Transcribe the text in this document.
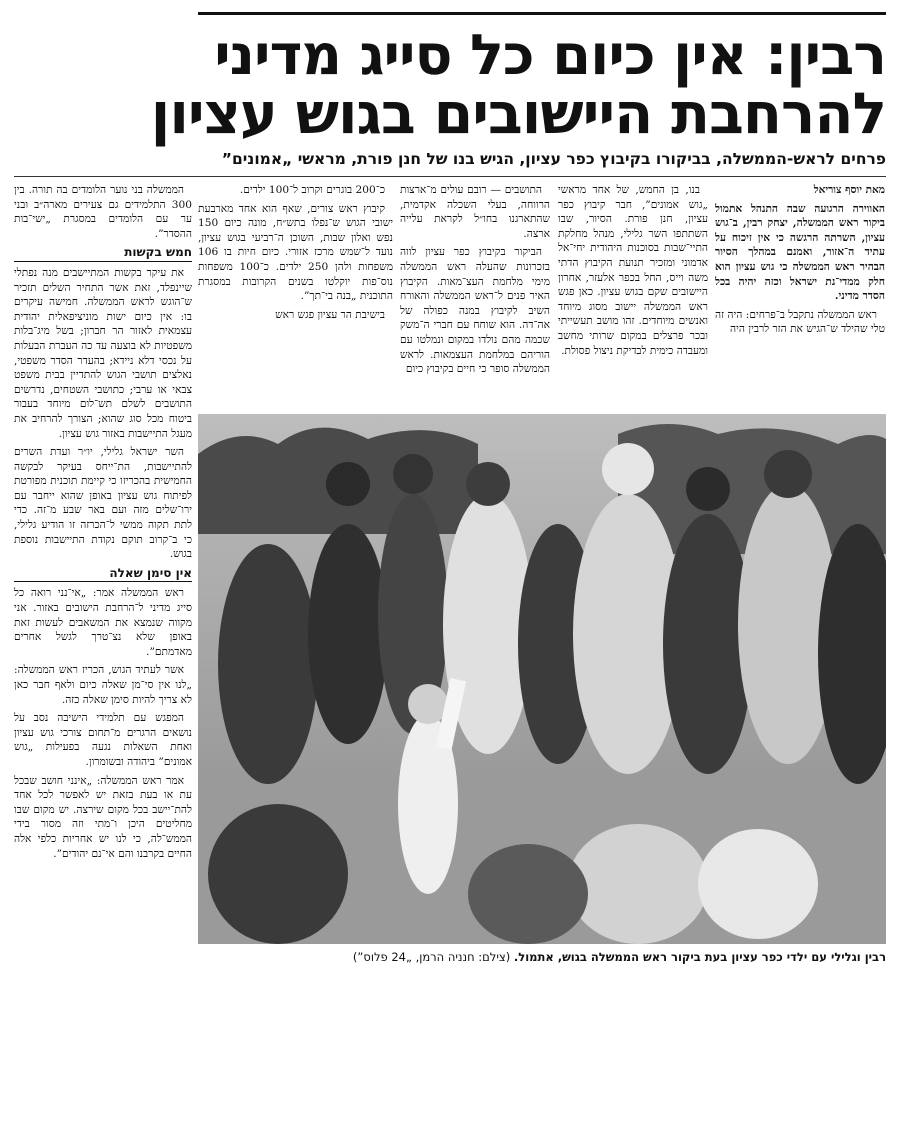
רבין: אין כיום כל סייג מדיני
להרחבת היישובים בגוש עציון
פרחים לראש-הממשלה, בביקורו בקיבוץ כפר עציון, הגיש בנו של חנן פורת, מראשי „אמונים”
מאת יוסף צוריאל

האווירה הרגועה שבה התנהל אתמול ביקור ראש הממשלה, יצחק רבין, ב־גוש עציון, השרתה הרגשה כי אין זיכוח על עתיד ה־אזור, ואמנם במהלך הסיור הבהיר ראש הממשלה כי גוש עציון הוא חלק ממדי־נת ישראל וכזה יהיה בכל הסדר מדיני.

ראש הממשלה נתקבל ב־פרחים: היה זה טלי שהילד ש־הגיש את הזר לרבין היה

בנו, בן החמש, של אחד מראשי „גוש אמונים”, חבר קיבוץ כפר עציון, חנן פורת. הסיור, שבו השתתפו השר גלילי, מנהל מחלקת התיי־שבות בסוכנות היהודית יחי־אל אדמוני ומזכיר תנועת הקיבוץ הדתי משה וייס, החל בכפר אלעזר, אחרון היישובים שקם בגוש עציון. כאן פגש ראש הממשלה יישוב מסוג מיוחד ואנשים מיוחדים. זהו מושב תעשייתי ובכר פרצלים במקום שרותי מחשב ומעבדה כימית לבדיקת ניצול פסולת.

התושבים — רובם עולים מ־ארצות הרווחה, בעלי השכלה אקדמית, שהתארגנו בחו״ל לקראת עלייה ארצה.

הביקור בקיבוץ כפר עציון לווה בזכרונות שהעלה ראש הממשלה מימי מלחמת העצ־מאות. הקיבוץ האיר פנים ל־ראש הממשלה והאורח השיב לקיבוץ במנה כפולה של אה־דה. הוא שוחח עם חברי ה־משק שכמה מהם נולדו במקום ונמלטו עם הוריהם במלחמת העצמאות. לראש הממשלה סופר כי חיים בקיבוץ כיום

כ־200 בוגרים וקרוב ל־100 ילדים.

קיבוץ ראש צורים, שאף הוא אחד מארבעת ישובי הגוש ש־נפלו בתש״ח, מונה כיום 150 נפש ואלון שבות, השוכן ה־רביעי בגוש עציון, נועד ל־שמש מרכז אזורי. כיום חיות בו 106 משפחות ולהן 250 ילדים. כ־100 משפחות נוס־פות יוקלטו בשנים הקרובות במסגרת התוכנית „בנה בי־תך”.

בישיבת הר עציון פגש ראש

הממשלה בני נוער הלומדים בה תורה. בין 300 התלמידים גם צעירים מארה״ב ובני ער עם הלומדים במסגרת „ישי־בות ההסדר”.

חמש בקשות

את עיקר בקשות המתיישבים מנה נפתלי שיינפלד, זאת אשר התחיר השלים תזכיר ש־הוגש לראש הממשלה. חמישה עיקרים בו: אין כיום ישות מוניציפאלית יהודית עצמאית לאזור הר חברון; בשל מיג־בלות משפטיות לא בוצעה עד כה העברת הבעלות על נכסי דלא ניידא; בהעדר הסדר משפטי, נאלצים תושבי הגוש להתדיין בבית משפט צבאי או ערבי; כתושבי השטחים, נדרשים התושבים לשלם תש־לום מיוחד בעבור ביטוח מכל סוג שהוא; הצורך להרחיב את מעגל התיישבות באזור גוש עציון.

השר ישראל גלילי, יו״ר ועדת השרים להתיישבות, הת־ייחס בעיקר לבקשה החמישית בהכריזו כי קיימת תוכנית מפורטת לפיתוח גוש עציון באופן שהוא ייחבר עם ירו־שלים מזה ועם באר שבע מ־זה. כדי לתת תקוה ממשי ל־הכרזה זו הודיע גלילי, כי ב־קרוב תוקם נקודת התיישבות נוספת בגוש.

אין סימן שאלה

ראש הממשלה אמר: „אי־נני רואה כל סייג מדיני ל־הרחבת הישובים באזור. אני מקווה שנמצא את המשאבים לעשות זאת באופן שלא נצ־טרך לגשל אחרים מאדמתם”.

אשר לעתיד הגוש, הכריז ראש הממשלה: „לנו אין סי־מן שאלה כיום ולאף חבר כאן לא צריך להיות סימן שאלה כזה.

המפגש עם תלמידי הישיבה נסב על נושאים הרגרים מ־תחום צורכי גוש עציון ואחת השאלות נגעה בפעילות „גוש אמונים” ביהודה ובשומרון.

אמר ראש הממשלה: „אינני חושב שבכל עת או בעת בזאת יש לאפשר לכל אחד להת־יישב בכל מקום שירצה. יש מקום שבו מחליטים היכן ו־מתי וזה מסור בידי הממש־לה, כי לנו יש אחריות כלפי אלה החיים בקרבנו והם אי־נם יהודים”.

רבין וגלילי עם ילדי כפר עציון בעת ביקור ראש הממשלה בגוש, אתמול. (צילם: חנניה הרמן, „24 פלוס”)
